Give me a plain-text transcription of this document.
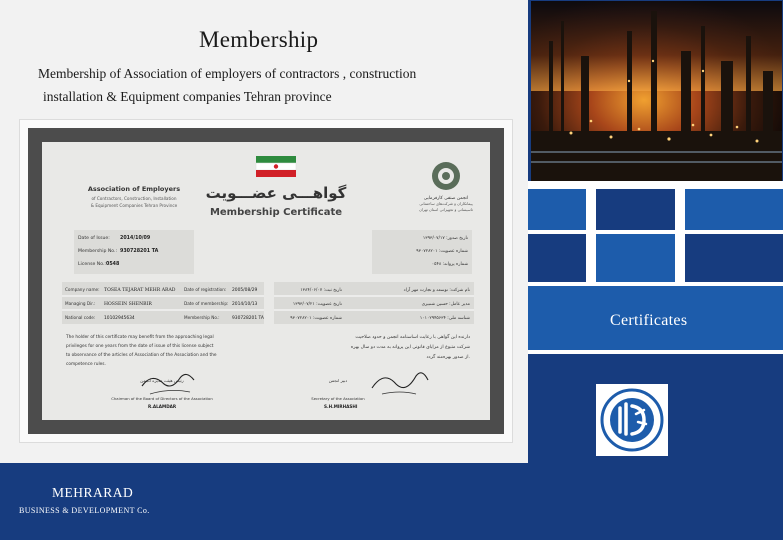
Membership
Membership of Association of employers of contractors , construction
installation & Equipment companies Tehran province
گواهـــی عضـــویت
Membership Certificate
Association of Employers
of Contractors, Construction, Installation
& Equipment Companies Tehran Province
انجمن صنفی کارفرمایی
پیمانکاران و شرکت‌های ساختمانی
تاسیساتی و تجهیزاتی استان تهران
Date of Issue: 2014/10/09
Membership No.: 930728201 TA
License No.: 0548
تاریخ صدور: ۱۳۹۳/۰۷/۱۷
شماره عضویت: ۹۳۰۷۲۸۲۰۱
شماره پروانه: ۰۵۴۸
Company name: TOSEA TEJARAT MEHR ARAD Date of registration: 2005/08/29
Managing Dir.: HOSSEIN SHENBIR	Date of membership: 2014/10/13
National code: 10102945634	Membership No.:	930728201 TA
نام شرکت: توسعه و تجارت مهر آراد
تاریخ ثبت: ۱۳۸۴/۰۶/۰۷
مدیر عامل: حسین شنبیری
تاریخ عضویت: ۱۳۹۳/۰۷/۲۱
شناسه ملی: ۱۰۱۰۲۹۴۵۶۳۴
شماره عضویت: ۹۳۰۷۲۸۲۰۱
The holder of this certificate may benefit from the approaching legal
privileges for one years from the date of issue of this license subject
to observance of the articles of Association of the Association and the
competence rules.
دارنده این گواهی با رعایت اساسنامه انجمن و حدود صلاحیت
شرکت متبوع از مزایای قانونی این پروانه به مدت دو سال بهره
از صدور بهره‌مند گردد.
رئیس هیئت مدیره انجمن
Chairman of the Board of Directors of the Association
R.ALAMDAR
دبیر انجمن
Secretary of the Association
S.H.MIRHASHI
MEHRARAD
BUSINESS & DEVELOPMENT Co.
Certificates
